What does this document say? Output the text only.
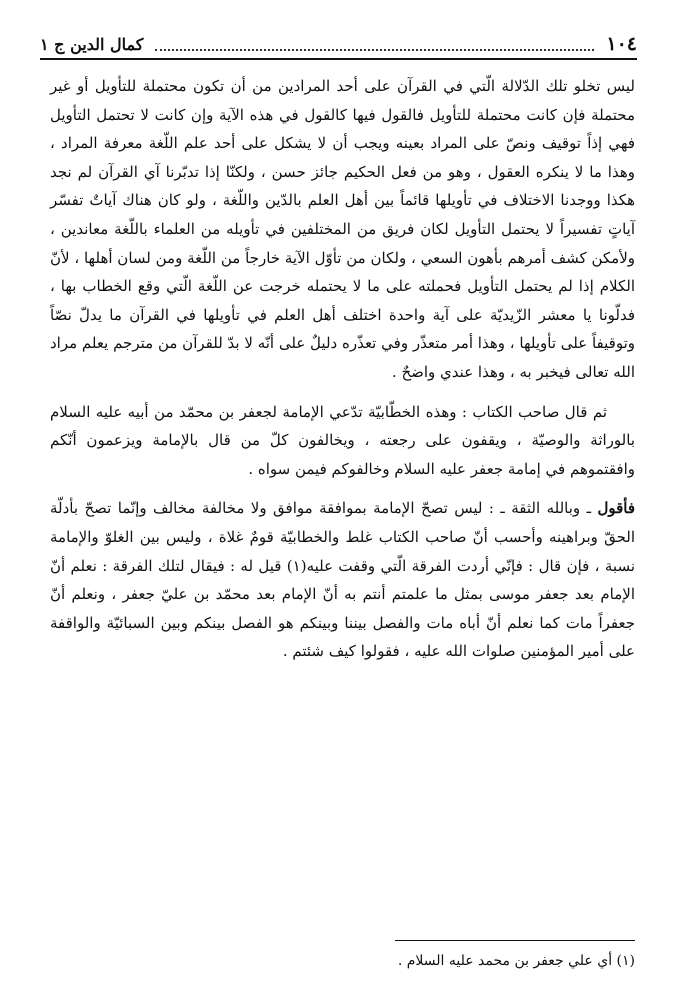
١٠٤
كمال الدين ج ١

ليس تخلو تلك الدّلالة الّتي في القرآن على أحد المرادين من أن تكون محتملة للتأويل أو غير محتملة فإن كانت محتملة للتأويل فالقول فيها كالقول في هذه الآية وإن كانت لا تحتمل التأويل فهي إذاً توقيف ونصّ على المراد بعينه ويجب أن لا يشكل على أحد علم اللّغة معرفة المراد ، وهذا ما لا ينكره العقول ، وهو من فعل الحكيم جائز حسن ، ولكنّا إذا تدبّرنا آي القرآن لم نجد هكذا ووجدنا الاختلاف في تأويلها قائماً بين أهل العلم بالدّين واللّغة ، ولو كان هناك آياتٌ تفسّر آياتٍ تفسيراً لا يحتمل التأويل لكان فريق من المختلفين في تأويله من العلماء باللّغة معاندين ، ولأمكن كشف أمرهم بأهون السعي ، ولكان من تأوّل الآية خارجاً من اللّغة ومن لسان أهلها ، لأنّ الكلام إذا لم يحتمل التأويل فحملته على ما لا يحتمله خرجت عن اللّغة الّتي وقع الخطاب بها ، فدلّونا يا معشر الزّيديّة على آية واحدة اختلف أهل العلم في تأويلها في القرآن ما يدلّ نصّاً وتوقيفاً على تأويلها ، وهذا أمر متعذّر وفي تعذّره دليلٌ على أنّه لا بدّ للقرآن من مترجم يعلم مراد الله تعالى فيخبر به ، وهذا عندي واضحٌ .

ثم قال صاحب الكتاب : وهذه الخطّابيّة تدّعي الإمامة لجعفر بن محمّد من أبيه عليه السلام بالوراثة والوصيّة ، ويقفون على رجعته ، ويخالفون كلّ من قال بالإمامة ويزعمون أنّكم وافقتموهم في إمامة جعفر عليه السلام وخالفوكم فيمن سواه .

فأقول ـ وبالله الثقة ـ : ليس تصحّ الإمامة بموافقة موافق ولا مخالفة مخالف وإنّما تصحّ بأدلّة الحقّ وبراهينه وأحسب أنّ صاحب الكتاب غلط والخطابيّة قومٌ غلاة ، وليس بين الغلوّ والإمامة نسبة ، فإن قال : فإنّي أردت الفرقة الّتي وقفت عليه(١) قيل له : فيقال لتلك الفرقة : نعلم أنّ الإمام بعد جعفر موسى بمثل ما علمتم أنتم به أنّ الإمام بعد محمّد بن عليّ جعفر ، ونعلم أنّ جعفراً مات كما نعلم أنّ أباه مات والفصل بيننا وبينكم هو الفصل بينكم وبين السبائيّة والواقفة على أمير المؤمنين صلوات الله عليه ، فقولوا كيف شئتم .

(١) أي علي جعفر بن محمد عليه السلام .
